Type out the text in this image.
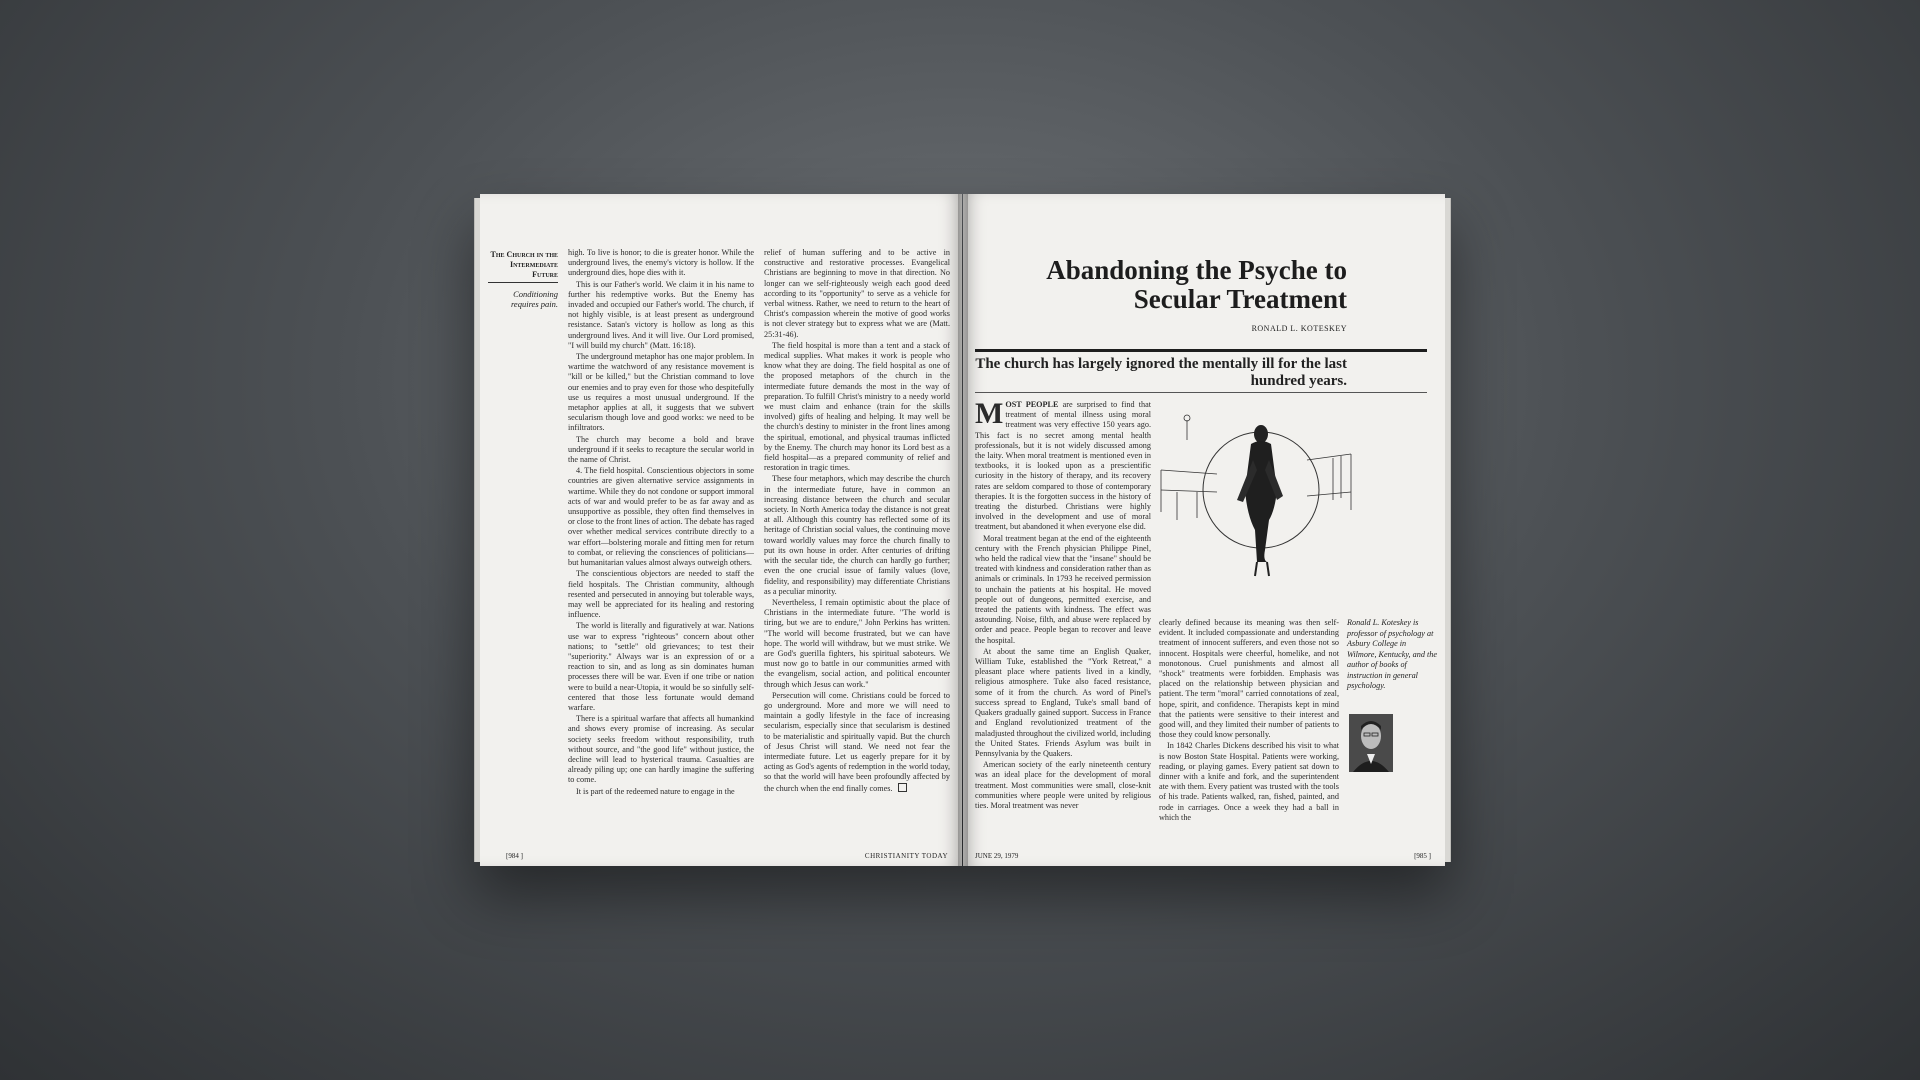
The Church in the Intermediate Future
Conditioning requires pain.

high. To live is honor; to die is greater honor. While the underground lives, the enemy's victory is hollow. If the underground dies, hope dies with it.

This is our Father's world. We claim it in his name to further his redemptive works. But the Enemy has invaded and occupied our Father's world. The church, if not highly visible, is at least present as underground resistance. Satan's victory is hollow as long as this underground lives. And it will live. Our Lord promised, "I will build my church" (Matt. 16:18).

The underground metaphor has one major problem. In wartime the watchword of any resistance movement is "kill or be killed," but the Christian command to love our enemies and to pray even for those who despitefully use us requires a most unusual underground. If the metaphor applies at all, it suggests that we subvert secularism though love and good works: we need to be infiltrators.

The church may become a bold and brave underground if it seeks to recapture the secular world in the name of Christ.

4. The field hospital. Conscientious objectors in some countries are given alternative service assignments in wartime. While they do not condone or support immoral acts of war and would prefer to be as far away and as unsupportive as possible, they often find themselves in or close to the front lines of action. The debate has raged over whether medical services contribute directly to a war effort—bolstering morale and fitting men for return to combat, or relieving the consciences of politicians—but humanitarian values almost always outweigh others.

The conscientious objectors are needed to staff the field hospitals. The Christian community, although resented and persecuted in annoying but tolerable ways, may well be appreciated for its healing and restoring influence.

The world is literally and figuratively at war. Nations use war to express "righteous" concern about other nations; to "settle" old grievances; to test their "superiority." Always war is an expression of or a reaction to sin, and as long as sin dominates human processes there will be war. Even if one tribe or nation were to build a near-Utopia, it would be so sinfully self-centered that those less fortunate would demand warfare.

There is a spiritual warfare that affects all humankind and shows every promise of increasing. As secular society seeks freedom without responsibility, truth without source, and "the good life" without justice, the decline will lead to hysterical trauma. Casualties are already piling up; one can hardly imagine the suffering to come.

It is part of the redeemed nature to engage in the

relief of human suffering and to be active in constructive and restorative processes. Evangelical Christians are beginning to move in that direction. No longer can we self-righteously weigh each good deed according to its "opportunity" to serve as a vehicle for verbal witness. Rather, we need to return to the heart of Christ's compassion wherein the motive of good works is not clever strategy but to express what we are (Matt. 25:31-46).

The field hospital is more than a tent and a stack of medical supplies. What makes it work is people who know what they are doing. The field hospital as one of the proposed metaphors of the church in the intermediate future demands the most in the way of preparation. To fulfill Christ's ministry to a needy world we must claim and enhance (train for the skills involved) gifts of healing and helping. It may well be the church's destiny to minister in the front lines among the spiritual, emotional, and physical traumas inflicted by the Enemy. The church may honor its Lord best as a field hospital—as a prepared community of relief and restoration in tragic times.

These four metaphors, which may describe the church in the intermediate future, have in common an increasing distance between the church and secular society. In North America today the distance is not great at all. Although this country has reflected some of its heritage of Christian social values, the continuing move toward worldly values may force the church finally to put its own house in order. After centuries of drifting with the secular tide, the church can hardly go further; even the one crucial issue of family values (love, fidelity, and responsibility) may differentiate Christians as a peculiar minority.

Nevertheless, I remain optimistic about the place of Christians in the intermediate future. "The world is tiring, but we are to endure," John Perkins has written. "The world will become frustrated, but we can have hope. The world will withdraw, but we must strike. We are God's guerilla fighters, his spiritual saboteurs. We must now go to battle in our communities armed with the evangelism, social action, and political encounter through which Jesus can work."

Persecution will come. Christians could be forced to go underground. More and more we will need to maintain a godly lifestyle in the face of increasing secularism, especially since that secularism is destined to be materialistic and spiritually vapid. But the church of Jesus Christ will stand. We need not fear the intermediate future. Let us eagerly prepare for it by acting as God's agents of redemption in the world today, so that the world will have been profoundly affected by the church when the end finally comes.

[984 ]	CHRISTIANITY TODAY
Abandoning the Psyche to Secular Treatment
RONALD L. KOTESKEY
The church has largely ignored the mentally ill for the last hundred years.

MOST PEOPLE are surprised to find that treatment of mental illness using moral treatment was very effective 150 years ago. This fact is no secret among mental health professionals, but it is not widely discussed among the laity. When moral treatment is mentioned even in textbooks, it is looked upon as a prescientific curiosity in the history of therapy, and its recovery rates are seldom compared to those of contemporary therapies. It is the forgotten success in the history of treating the disturbed. Christians were highly involved in the development and use of moral treatment, but abandoned it when everyone else did.

Moral treatment began at the end of the eighteenth century with the French physician Philippe Pinel, who held the radical view that the "insane" should be treated with kindness and consideration rather than as animals or criminals. In 1793 he received permission to unchain the patients at his hospital. He moved people out of dungeons, permitted exercise, and treated the patients with kindness. The effect was astounding. Noise, filth, and abuse were replaced by order and peace. People began to recover and leave the hospital.

At about the same time an English Quaker, William Tuke, established the "York Retreat," a pleasant place where patients lived in a kindly, religious atmosphere. Tuke also faced resistance, some of it from the church. As word of Pinel's success spread to England, Tuke's small band of Quakers gradually gained support. Success in France and England revolutionized treatment of the maladjusted throughout the civilized world, including the United States. Friends Asylum was built in Pennsylvania by the Quakers.

American society of the early nineteenth century was an ideal place for the development of moral treatment. Most communities were small, close-knit communities where people were united by religious ties. Moral treatment was never

clearly defined because its meaning was then self-evident. It included compassionate and understanding treatment of innocent sufferers, and even those not so innocent. Hospitals were cheerful, homelike, and not monotonous. Cruel punishments and almost all "shock" treatments were forbidden. Emphasis was placed on the relationship between physician and patient. The term "moral" carried connotations of zeal, hope, spirit, and confidence. Therapists kept in mind that the patients were sensitive to their interest and good will, and they limited their number of patients to those they could know personally.

In 1842 Charles Dickens described his visit to what is now Boston State Hospital. Patients were working, reading, or playing games. Every patient sat down to dinner with a knife and fork, and the superintendent ate with them. Every patient was trusted with the tools of his trade. Patients walked, ran, fished, painted, and rode in carriages. Once a week they had a ball in which the

Ronald L. Koteskey is professor of psychology at Asbury College in Wilmore, Kentucky, and the author of books of instruction in general psychology.
JUNE 29, 1979	[985 ]
